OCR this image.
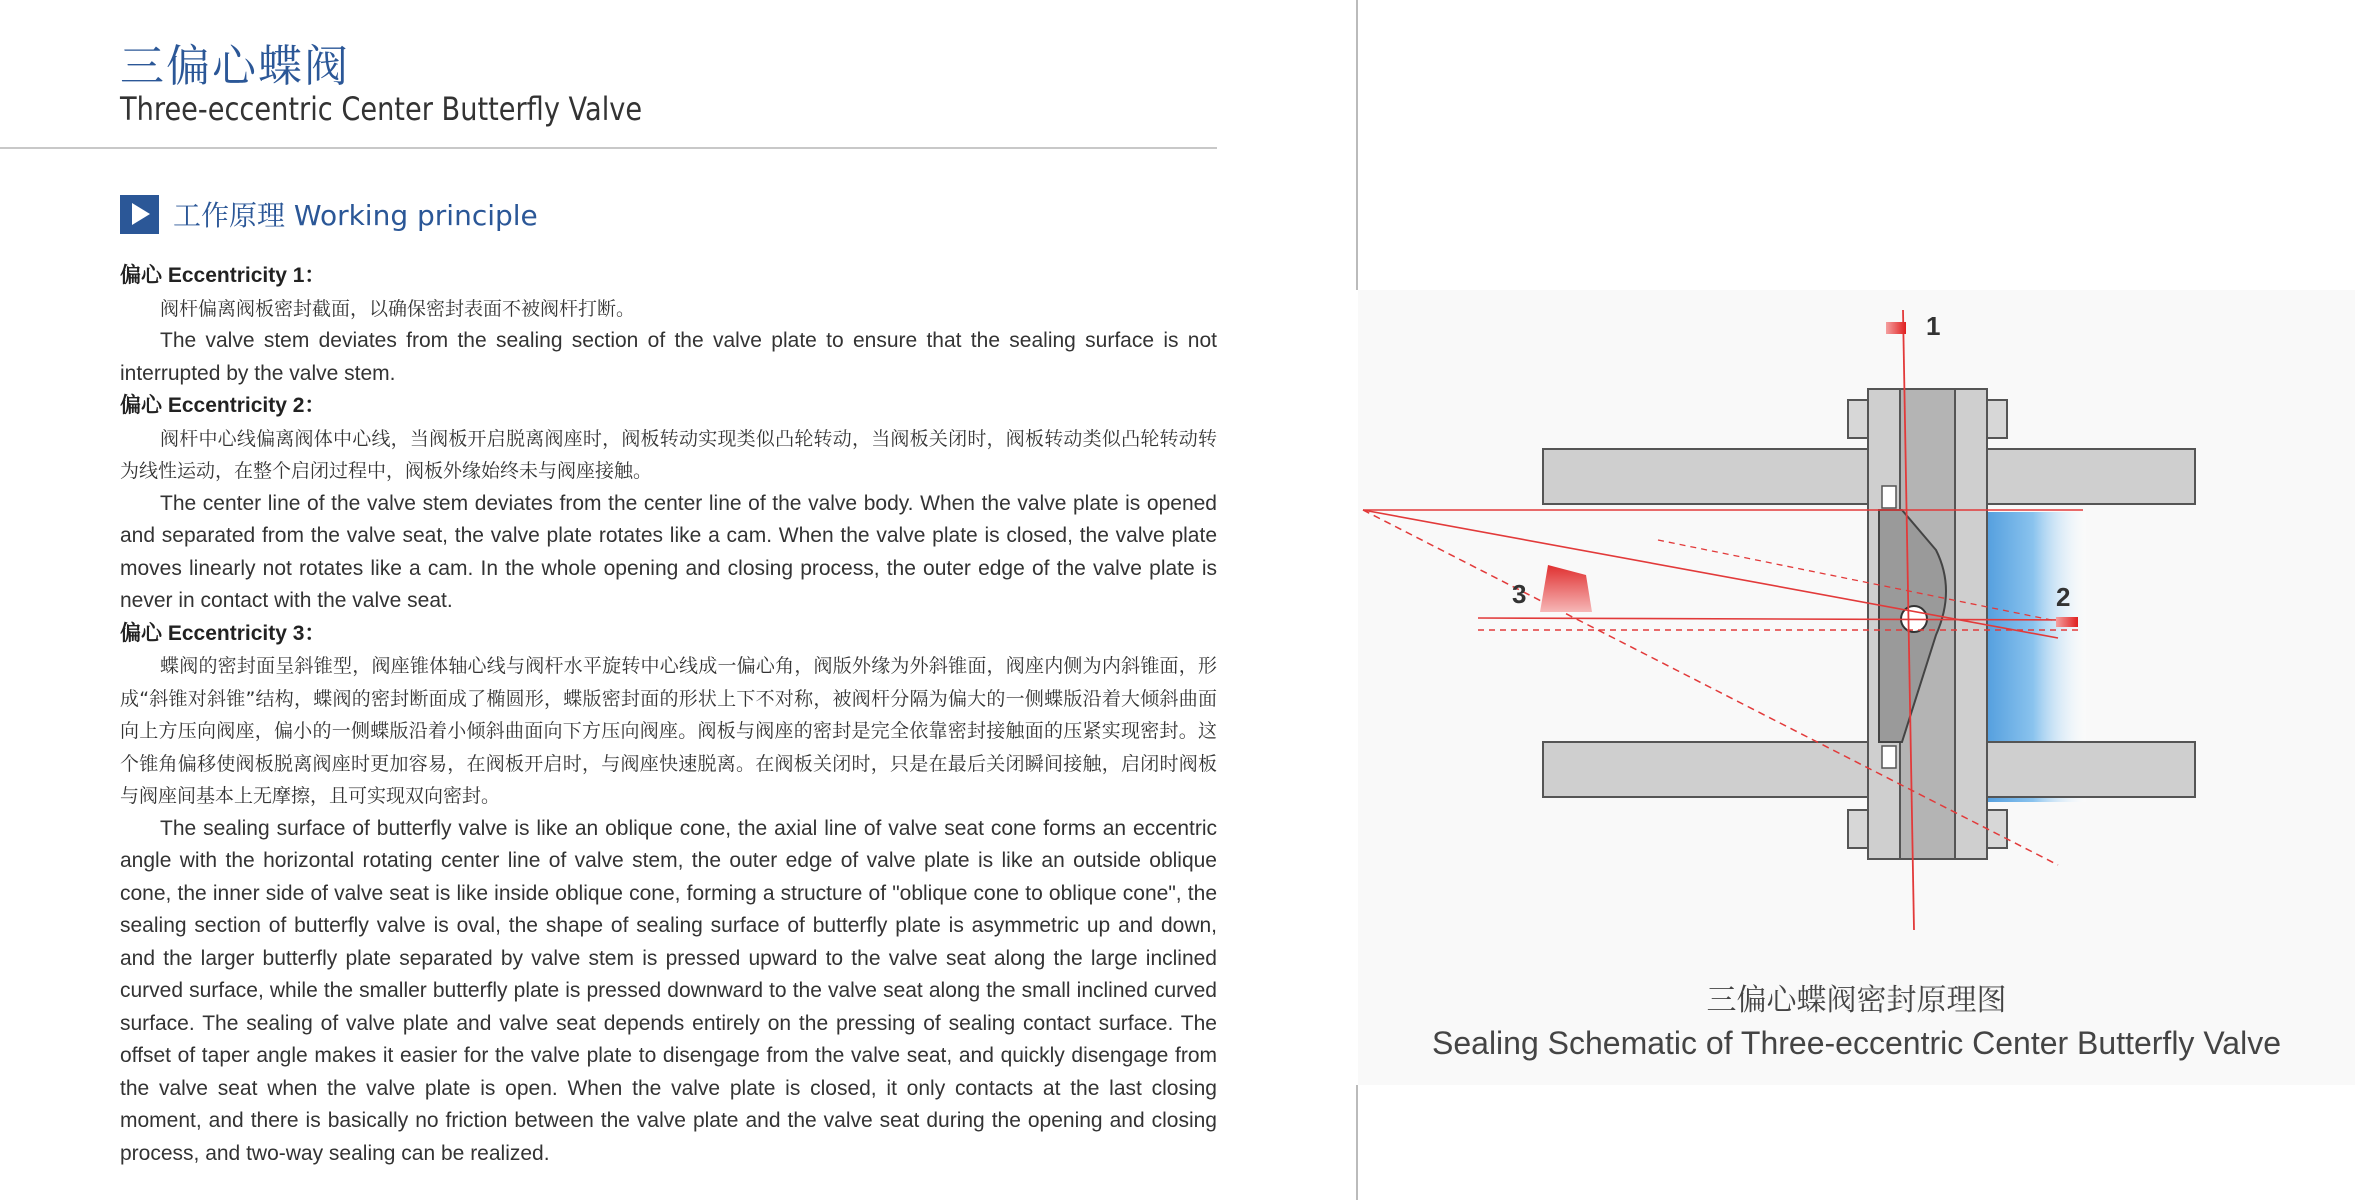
三偏心蝶阀
Three-eccentric Center Butterfly Valve
工作原理 Working principle

偏心 Eccentricity 1：

阀杆偏离阀板密封截面，以确保密封表面不被阀杆打断。

The valve stem deviates from the sealing section of the valve plate to ensure that the sealing surface is not interrupted by the valve stem.

偏心 Eccentricity 2：

阀杆中心线偏离阀体中心线，当阀板开启脱离阀座时，阀板转动实现类似凸轮转动，当阀板关闭时，阀板转动类似凸轮转动转为线性运动，在整个启闭过程中，阀板外缘始终未与阀座接触。

The center line of the valve stem deviates from the center line of the valve body. When the valve plate is opened and separated from the valve seat, the valve plate rotates like a cam. When the valve plate is closed, the valve plate moves linearly not rotates like a cam. In the whole opening and closing process, the outer edge of the valve plate is never in contact with the valve seat.

偏心 Eccentricity 3：

蝶阀的密封面呈斜锥型，阀座锥体轴心线与阀杆水平旋转中心线成一偏心角，阀版外缘为外斜锥面，阀座内侧为内斜锥面，形成“斜锥对斜锥”结构，蝶阀的密封断面成了椭圆形，蝶版密封面的形状上下不对称，被阀杆分隔为偏大的一侧蝶版沿着大倾斜曲面向上方压向阀座，偏小的一侧蝶版沿着小倾斜曲面向下方压向阀座。阀板与阀座的密封是完全依靠密封接触面的压紧实现密封。这个锥角偏移使阀板脱离阀座时更加容易，在阀板开启时，与阀座快速脱离。在阀板关闭时，只是在最后关闭瞬间接触，启闭时阀板与阀座间基本上无摩擦，且可实现双向密封。

The sealing surface of butterfly valve is like an oblique cone, the axial line of valve seat cone forms an eccentric angle with the horizontal rotating center line of valve stem, the outer edge of valve plate is like an outside oblique cone, the inner side of valve seat is like inside oblique cone, forming a structure of "oblique cone to oblique cone", the sealing section of butterfly valve is oval, the shape of sealing surface of butterfly plate is asymmetric up and down, and the larger butterfly plate separated by valve stem is pressed upward to the valve seat along the large inclined curved surface, while the smaller butterfly plate is pressed downward to the valve seat along the small inclined curved surface. The sealing of valve plate and valve seat depends entirely on the pressing of sealing contact surface. The offset of taper angle makes it easier for the valve plate to disengage from the valve seat, and quickly disengage from the valve seat when the valve plate is open. When the valve plate is closed, it only contacts at the last closing moment, and there is basically no friction between the valve plate and the valve seat during the opening and closing process, and two-way sealing can be realized.

1
2
3
三偏心蝶阀密封原理图
Sealing Schematic of Three-eccentric Center Butterfly Valve
